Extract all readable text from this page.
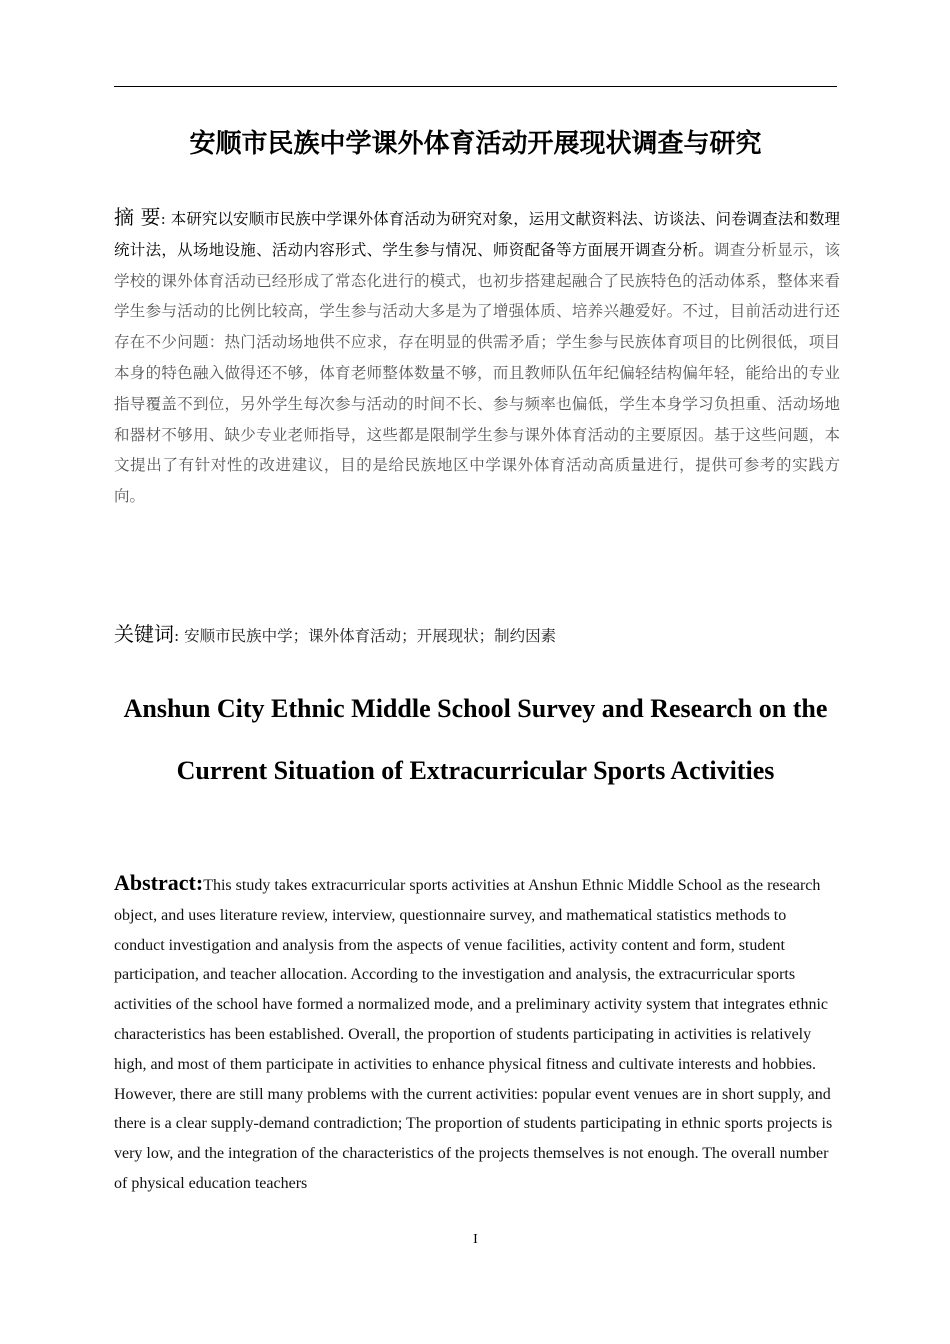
安顺市民族中学课外体育活动开展现状调查与研究
摘 要: 本研究以安顺市民族中学课外体育活动为研究对象，运用文献资料法、访谈法、问卷调查法和数理统计法，从场地设施、活动内容形式、学生参与情况、师资配备等方面展开调查分析。调查分析显示，该学校的课外体育活动已经形成了常态化进行的模式，也初步搭建起融合了民族特色的活动体系，整体来看学生参与活动的比例比较高，学生参与活动大多是为了增强体质、培养兴趣爱好。不过，目前活动进行还存在不少问题：热门活动场地供不应求，存在明显的供需矛盾；学生参与民族体育项目的比例很低，项目本身的特色融入做得还不够，体育老师整体数量不够，而且教师队伍年纪偏轻结构偏年轻，能给出的专业指导覆盖不到位，另外学生每次参与活动的时间不长、参与频率也偏低，学生本身学习负担重、活动场地和器材不够用、缺少专业老师指导，这些都是限制学生参与课外体育活动的主要原因。基于这些问题，本文提出了有针对性的改进建议，目的是给民族地区中学课外体育活动高质量进行，提供可参考的实践方向。
关键词: 安顺市民族中学；课外体育活动；开展现状；制约因素
Anshun City Ethnic Middle School Survey and Research on the
Current Situation of Extracurricular Sports Activities
Abstract:This study takes extracurricular sports activities at Anshun Ethnic Middle School as the research object, and uses literature review, interview, questionnaire survey, and mathematical statistics methods to conduct investigation and analysis from the aspects of venue facilities, activity content and form, student participation, and teacher allocation. According to the investigation and analysis, the extracurricular sports activities of the school have formed a normalized mode, and a preliminary activity system that integrates ethnic characteristics has been established. Overall, the proportion of students participating in activities is relatively high, and most of them participate in activities to enhance physical fitness and cultivate interests and hobbies. However, there are still many problems with the current activities: popular event venues are in short supply, and there is a clear supply-demand contradiction; The proportion of students participating in ethnic sports projects is very low, and the integration of the characteristics of the projects themselves is not enough. The overall number of physical education teachers
I
